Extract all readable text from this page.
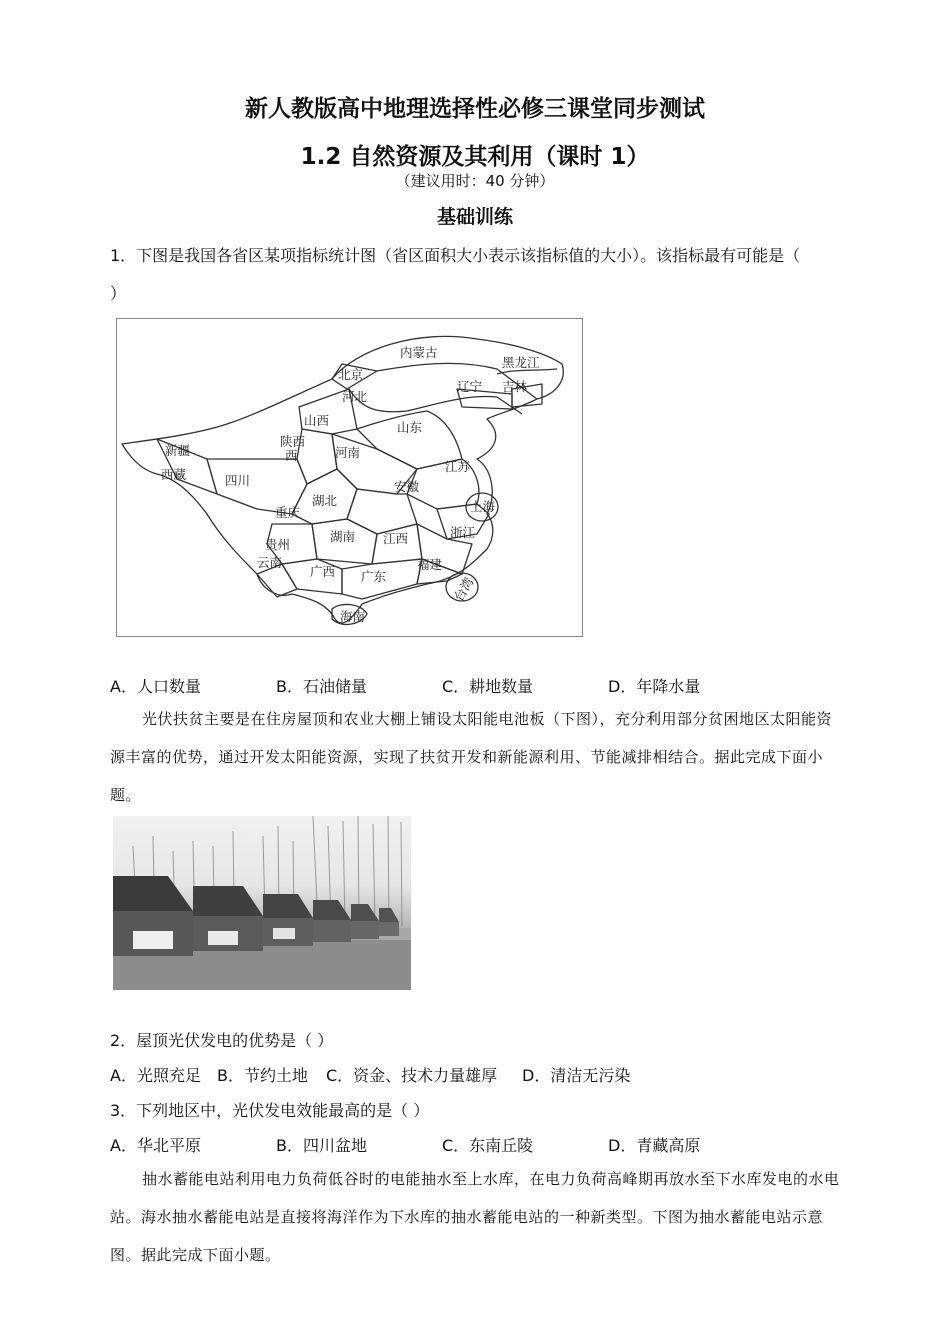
新人教版高中地理选择性必修三课堂同步测试
1.2 自然资源及其利用（课时 1）
（建议用时：40 分钟）
基础训练
1．下图是我国各省区某项指标统计图（省区面积大小表示该指标值的大小）。该指标最有可能是（
）
内蒙古
黑龙江
北京
辽宁 吉林
河北
山西	山东
陕西
新疆
西藏
西	河南
江苏
四川	安徽
湖北	上海
重庆
浙江
贵州
湖南 江西
云南
广西	福建
广东	台湾
海南
A．人口数量	B．石油储量	C．耕地数量	D．年降水量
光伏扶贫主要是在住房屋顶和农业大棚上铺设太阳能电池板（下图），充分利用部分贫困地区太阳能资源丰富的优势，通过开发太阳能资源，实现了扶贫开发和新能源利用、节能减排相结合。据此完成下面小题。
2．屋顶光伏发电的优势是（ ）
A．光照充足 B．节约土地 C．资金、技术力量雄厚 D．清洁无污染
3．下列地区中，光伏发电效能最高的是（ ）
A．华北平原	B．四川盆地	C．东南丘陵	D．青藏高原
抽水蓄能电站利用电力负荷低谷时的电能抽水至上水库，在电力负荷高峰期再放水至下水库发电的水电站。海水抽水蓄能电站是直接将海洋作为下水库的抽水蓄能电站的一种新类型。下图为抽水蓄能电站示意图。据此完成下面小题。
